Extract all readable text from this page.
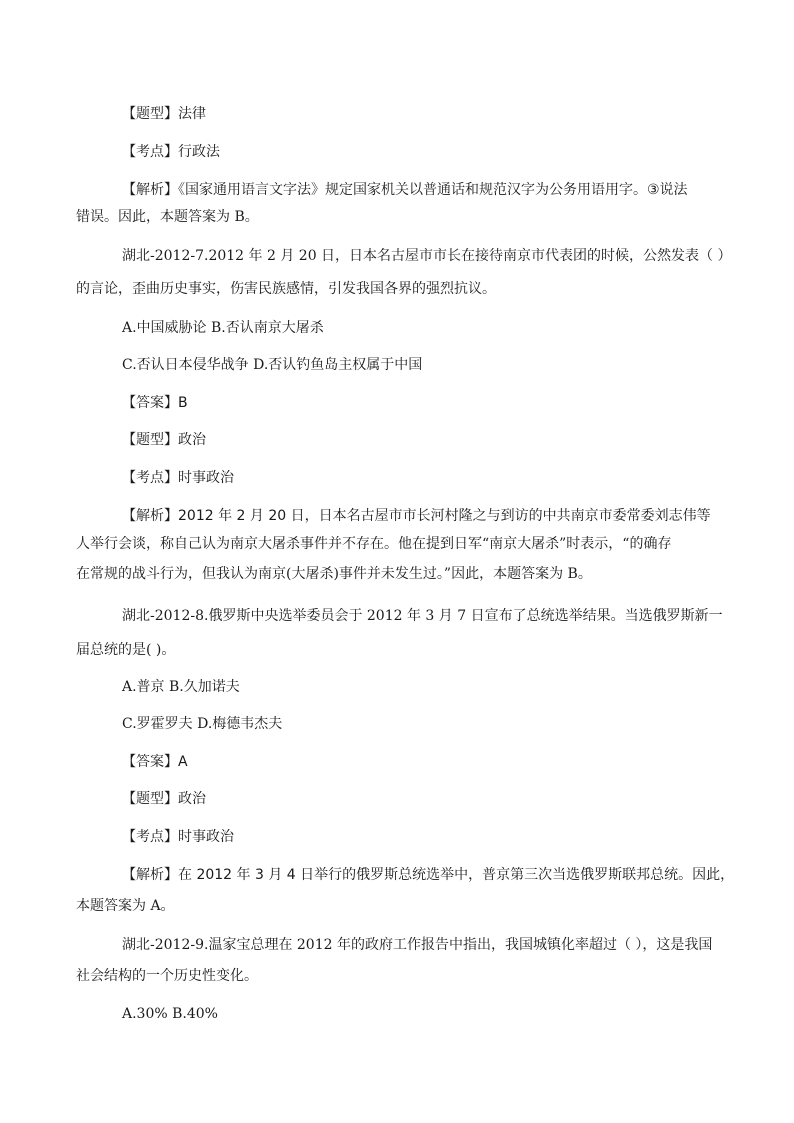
【题型】法律
【考点】行政法
【解析】《国家通用语言文字法》规定国家机关以普通话和规范汉字为公务用语用字。③说法
错误。因此，本题答案为 B。
湖北-2012-7.2012 年 2 月 20 日，日本名古屋市市长在接待南京市代表团的时候，公然发表（ ）
的言论，歪曲历史事实，伤害民族感情，引发我国各界的强烈抗议。
A.中国威胁论 B.否认南京大屠杀
C.否认日本侵华战争 D.否认钓鱼岛主权属于中国
【答案】B
【题型】政治
【考点】时事政治
【解析】2012 年 2 月 20 日，日本名古屋市市长河村隆之与到访的中共南京市委常委刘志伟等
人举行会谈，称自己认为南京大屠杀事件并不存在。他在提到日军“南京大屠杀”时表示，“的确存
在常规的战斗行为，但我认为南京(大屠杀)事件并未发生过。”因此，本题答案为 B。
湖北-2012-8.俄罗斯中央选举委员会于 2012 年 3 月 7 日宣布了总统选举结果。当选俄罗斯新一
届总统的是( )。
A.普京 B.久加诺夫
C.罗霍罗夫 D.梅德韦杰夫
【答案】A
【题型】政治
【考点】时事政治
【解析】在 2012 年 3 月 4 日举行的俄罗斯总统选举中，普京第三次当选俄罗斯联邦总统。因此，
本题答案为 A。
湖北-2012-9.温家宝总理在 2012 年的政府工作报告中指出，我国城镇化率超过（ ），这是我国
社会结构的一个历史性变化。
A.30% B.40%
